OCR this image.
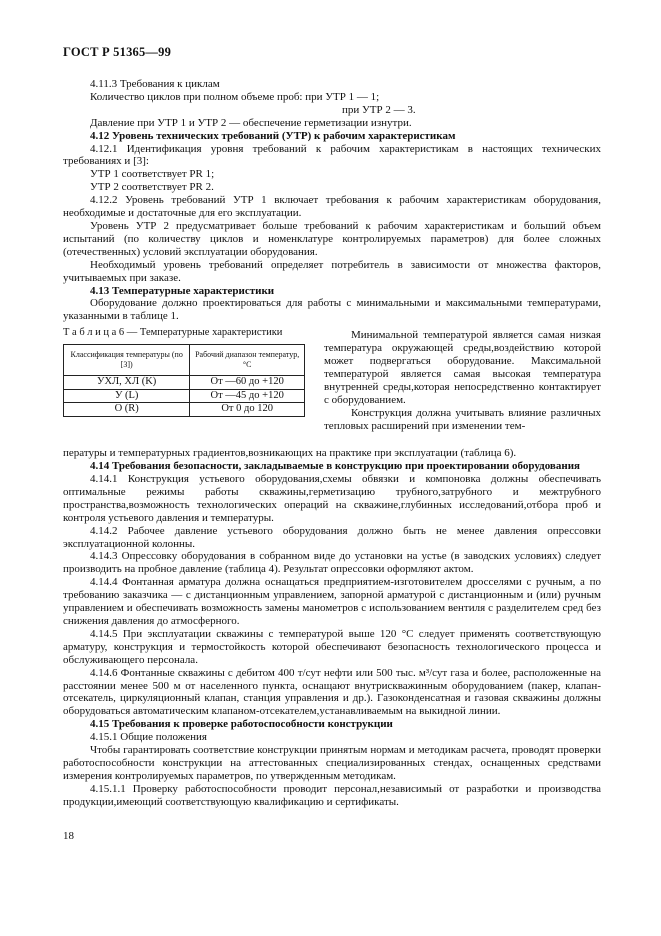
ГОСТ Р 51365—99

4.11.3 Требования к циклам

Количество циклов при полном объеме проб: при УТР 1 — 1;

при УТР 2 — 3.

Давление при УТР 1 и УТР 2 — обеспечение герметизации изнутри.

4.12 Уровень технических требований (УТР) к рабочим характеристикам

4.12.1 Идентификация уровня требований к рабочим характеристикам в настоящих технических требованиях и [3]:

УТР 1 соответствует PR 1;

УТР 2 соответствует PR 2.

4.12.2 Уровень требований УТР 1 включает требования к рабочим характеристикам оборудования, необходимые и достаточные для его эксплуатации.

Уровень УТР 2 предусматривает больше требований к рабочим характеристикам и больший объем испытаний (по количеству циклов и номенклатуре контролируемых параметров) для более сложных (отечественных) условий эксплуатации оборудования.

Необходимый уровень требований определяет потребитель в зависимости от множества факторов, учитываемых при заказе.

4.13 Температурные характеристики

Оборудование должно проектироваться для работы с минимальными и максимальными температурами, указанными в таблице 1.

Т а б л и ц а 6 — Температурные характеристики

Классификация температуры (по [3])	Рабочий диапазон температур, °С
УХЛ, ХЛ (K)	От —60 до +120
У (L)	От —45 до +120
О (R)	От 0 до 120

Минимальной температурой является самая низкая температура окружающей среды,воздействию которой может подвергаться оборудование. Максимальной температурой является самая высокая температура внутренней среды,которая непосредственно контактирует с оборудованием.

Конструкция должна учитывать влияние различных тепловых расширений при изменении тем-

пературы и температурных градиентов,возникающих на практике при эксплуатации (таблица 6).

4.14 Требования безопасности, закладываемые в конструкцию при проектировании оборудования

4.14.1 Конструкция устьевого оборудования,схемы обвязки и компоновка должны обеспечивать оптимальные режимы работы скважины,герметизацию трубного,затрубного и межтрубного пространства,возможность технологических операций на скважине,глубинных исследований,отбора проб и контроля устьевого давления и температуры.

4.14.2 Рабочее давление устьевого оборудования должно быть не менее давления опрессовки эксплуатационной колонны.

4.14.3 Опрессовку оборудования в собранном виде до установки на устье (в заводских условиях) следует производить на пробное давление (таблица 4). Результат опрессовки оформляют актом.

4.14.4 Фонтанная арматура должна оснащаться предприятием-изготовителем дросселями с ручным, а по требованию заказчика — с дистанционным управлением, запорной арматурой с дистанционным и (или) ручным управлением и обеспечивать возможность замены манометров с использованием вентиля с разделителем сред без снижения давления до атмосферного.

4.14.5 При эксплуатации скважины с температурой выше 120 °С следует применять соответствующую арматуру, конструкция и термостойкость которой обеспечивают безопасность технологического процесса и обслуживающего персонала.

4.14.6 Фонтанные скважины с дебитом 400 т/сут нефти или 500 тыс. м³/сут газа и более, расположенные на расстоянии менее 500 м от населенного пункта, оснащают внутрискважинным оборудованием (пакер, клапан-отсекатель, циркуляционный клапан, станция управления и др.). Газоконденсатная и газовая скважины должны оборудоваться автоматическим клапаном-отсекателем,устанавливаемым на выкидной линии.

4.15 Требования к проверке работоспособности конструкции

4.15.1 Общие положения

Чтобы гарантировать соответствие конструкции принятым нормам и методикам расчета, проводят проверки работоспособности конструкции на аттестованных специализированных стендах, оснащенных средствами измерения контролируемых параметров, по утвержденным методикам.

4.15.1.1 Проверку работоспособности проводит персонал,независимый от разработки и производства продукции,имеющий соответствующую квалификацию и сертификаты.

18
